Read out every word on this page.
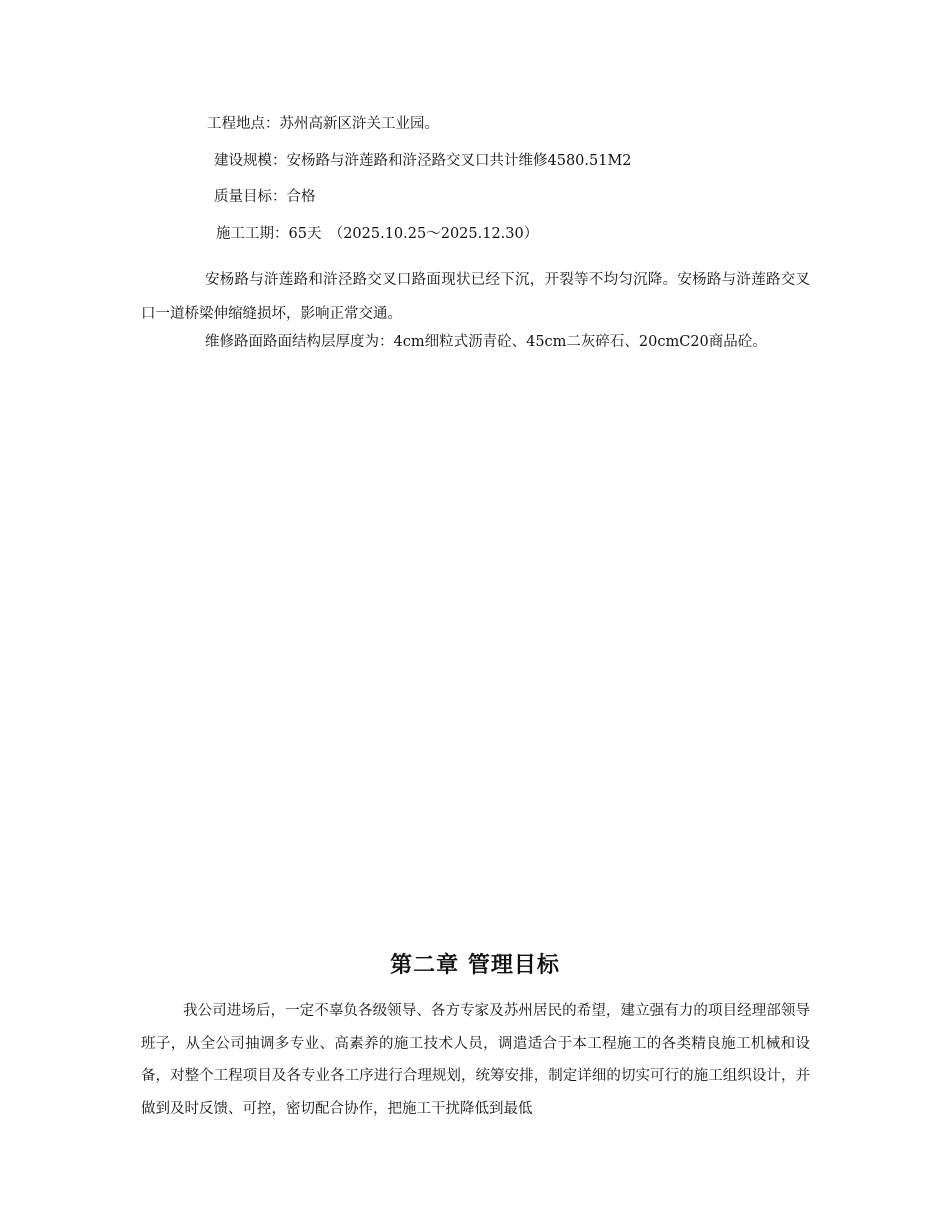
工程地点：苏州高新区浒关工业园。
建设规模：安杨路与浒莲路和浒泾路交叉口共计维修4580.51M2
质量目标：合格
施工工期：65天　（2025.10.25～2025.12.30）
安杨路与浒莲路和浒泾路交叉口路面现状已经下沉，开裂等不均匀沉降。安杨路与浒莲路交叉口一道桥梁伸缩缝损坏，影响正常交通。
维修路面路面结构层厚度为：4cm细粒式沥青砼、45cm二灰碎石、20cmC20商品砼。
第二章 管理目标
我公司进场后，一定不辜负各级领导、各方专家及苏州居民的希望，建立强有力的项目经理部领导班子，从全公司抽调多专业、高素养的施工技术人员，调遣适合于本工程施工的各类精良施工机械和设备，对整个工程项目及各专业各工序进行合理规划，统筹安排，制定详细的切实可行的施工组织设计，并做到及时反馈、可控，密切配合协作，把施工干扰降低到最低
